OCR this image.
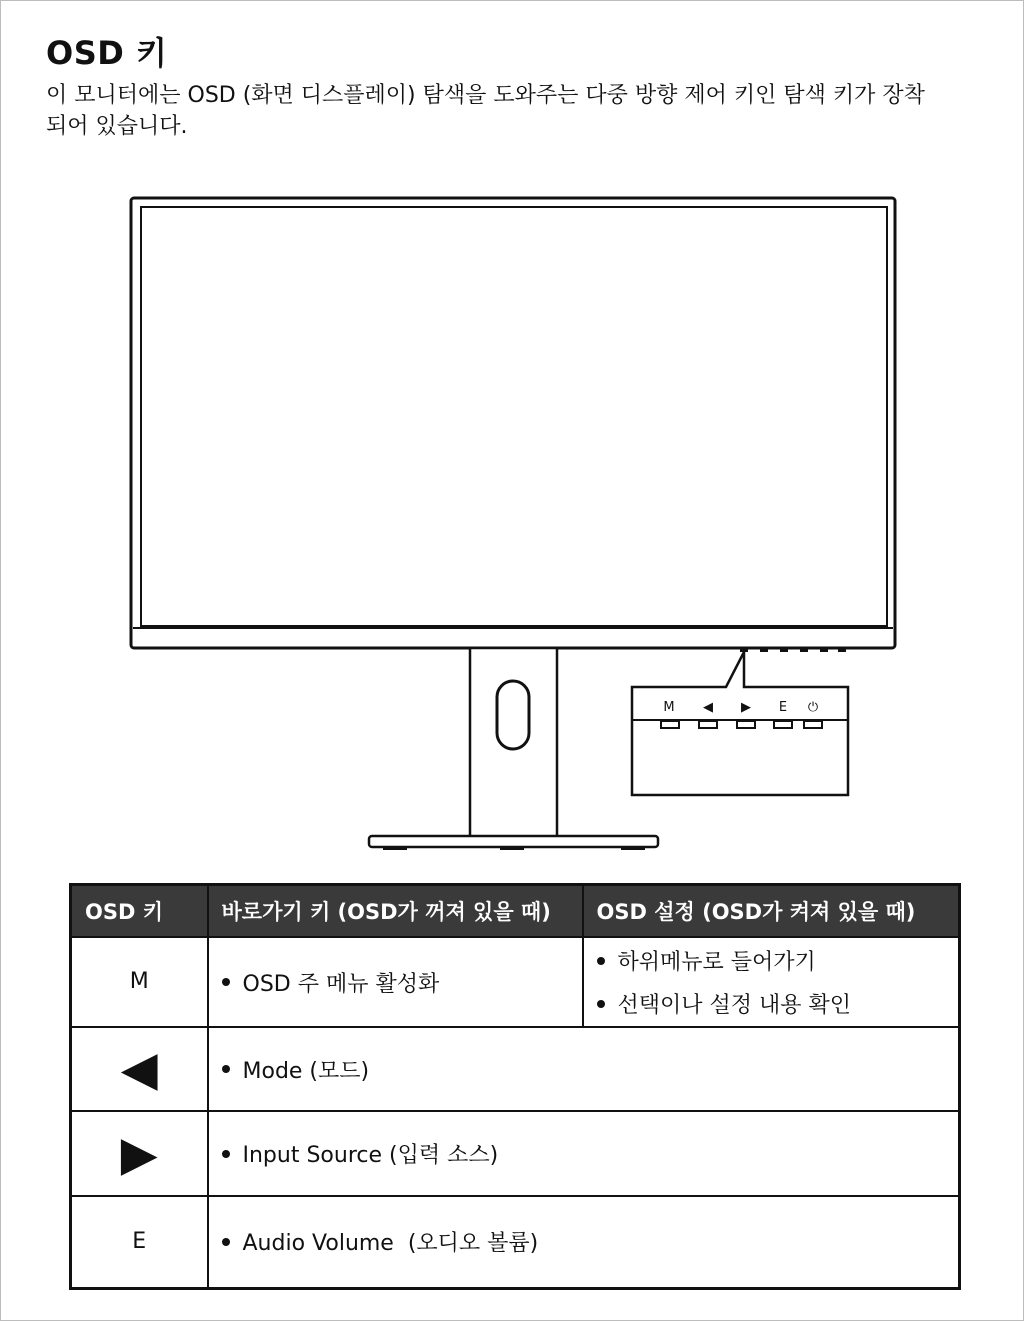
OSD 키
이 모니터에는 OSD (화면 디스플레이) 탐색을 도와주는 다중 방향 제어 키인 탐색 키가 장착되어 있습니다.
M ◀ ▶ E ⏻
OSD 키	바로가기 키 (OSD가 꺼져 있을 때)	OSD 설정 (OSD가 켜져 있을 때)
M	OSD 주 메뉴 활성화	하위메뉴로 들어가기
선택이나 설정 내용 확인

◀	Mode (모드)	

▶	Input Source (입력 소스)	

E	Audio Volume  (오디오 볼륨)	
